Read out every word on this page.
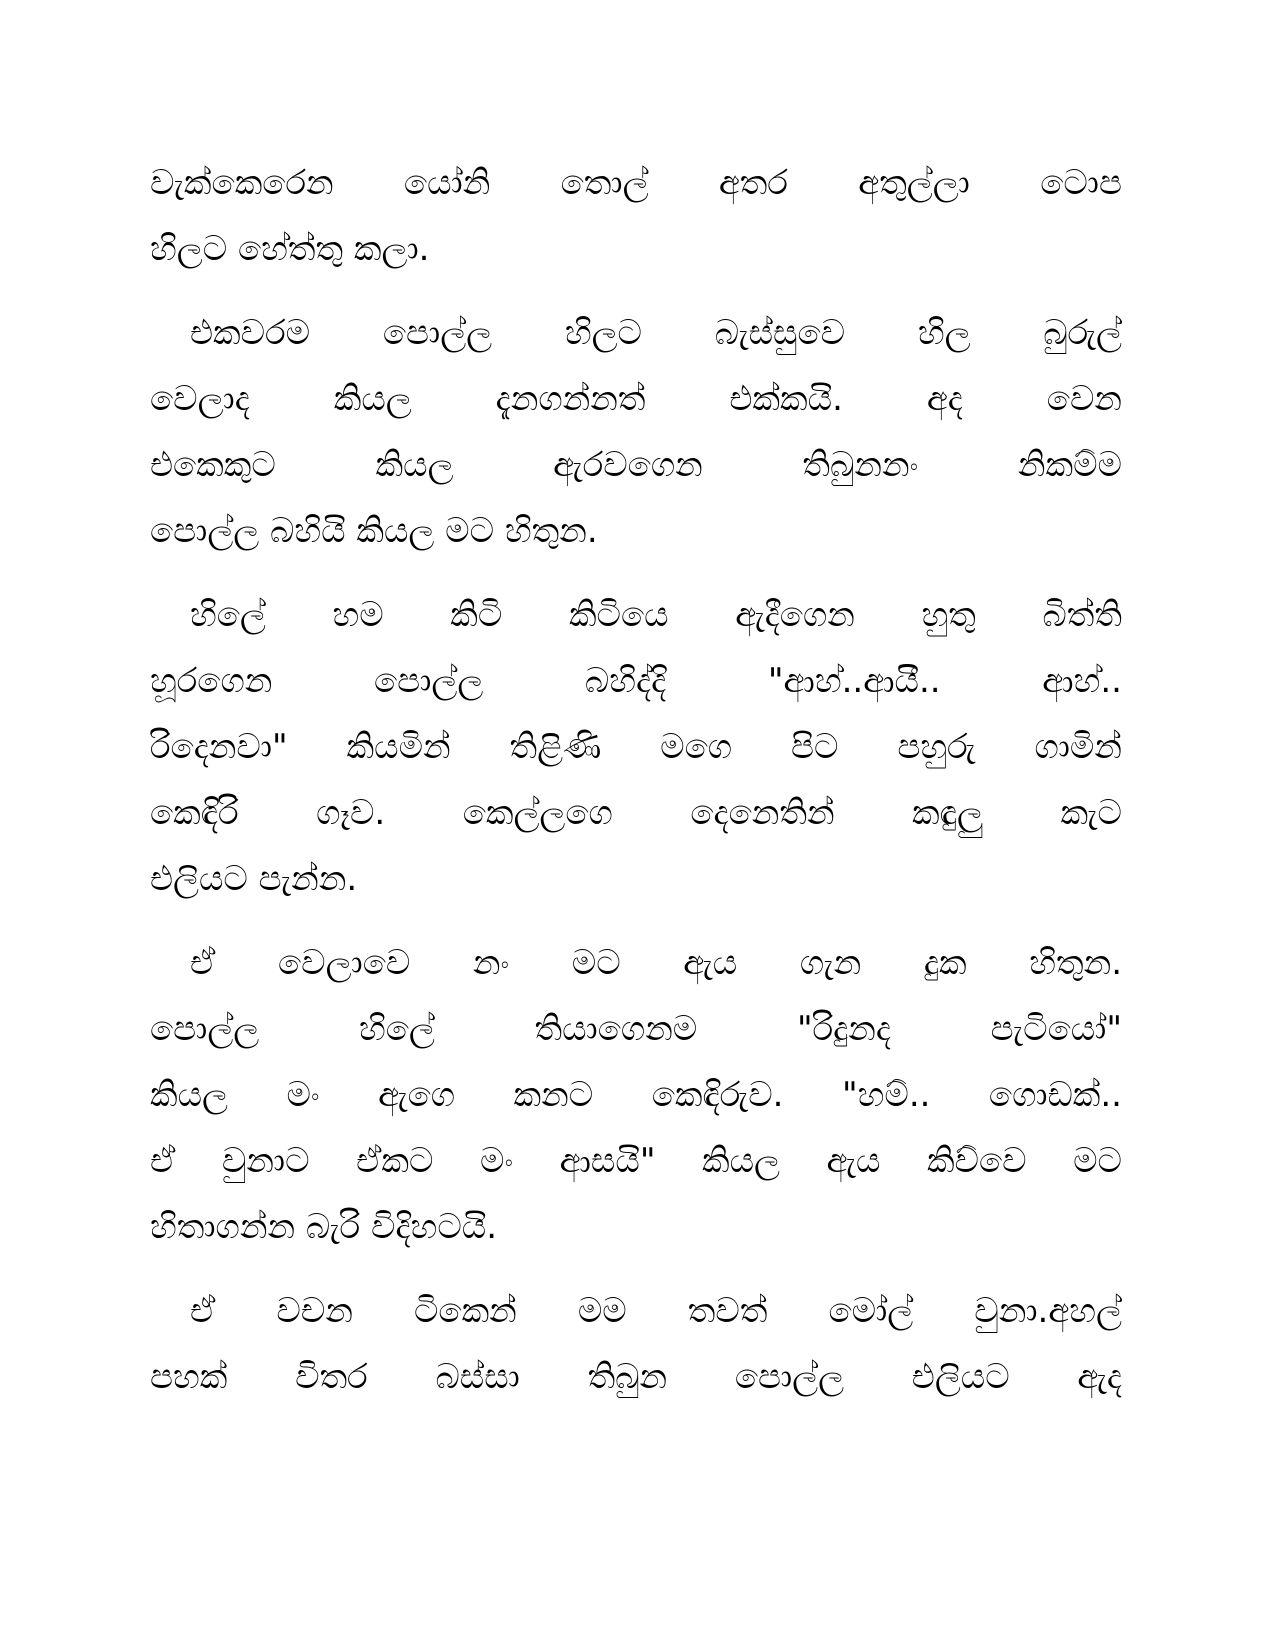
වැක්කෙරෙන යෝනි තොල් අතර අතුල්ලා ටොප
හිලට හේත්තු කලා.
එකවරම පොල්ල හිලට බැස්සුවෙ හිල බුරුල්
වෙලාද කියල දැනගන්නත් එක්කයි. අද වෙන
එකෙකුට කියල ඇරවගෙන තිබුනනං නිකම්ම
පොල්ල බහියි කියල මට හිතුන.
හිලේ හම කිටි කිටියෙ ඇදීගෙන හුතු බිත්ති
හූරගෙන පොල්ල බහිද්දි "ආහ්..ආයී.. ආහ්..
රිදෙනවා" කියමින් තිළිණි මගෙ පිට පහුරු ගාමින්
කෙඳිරි ගෑව. කෙල්ලගෙ දෙනෙතින් කඳුලු කැට
එලියට පැන්න.
ඒ වෙලාවෙ නං මට ඇය ගැන දුක හිතුන.
පොල්ල හිලේ තියාගෙනම "රිදුනද පැටියෝ"
කියල මං ඇගෙ කනට කෙඳිරුව. "හම්.. ගොඩක්..
ඒ වුනාට ඒකට මං ආසයි" කියල ඇය කිව්වෙ මට
හිතාගන්න බැරි විදිහටයි.
ඒ වචන ටිකෙන් මම තවත් මෝල් වුනා.අහල්
පහක් විතර බස්සා තිබුන පොල්ල එලියට ඇද
